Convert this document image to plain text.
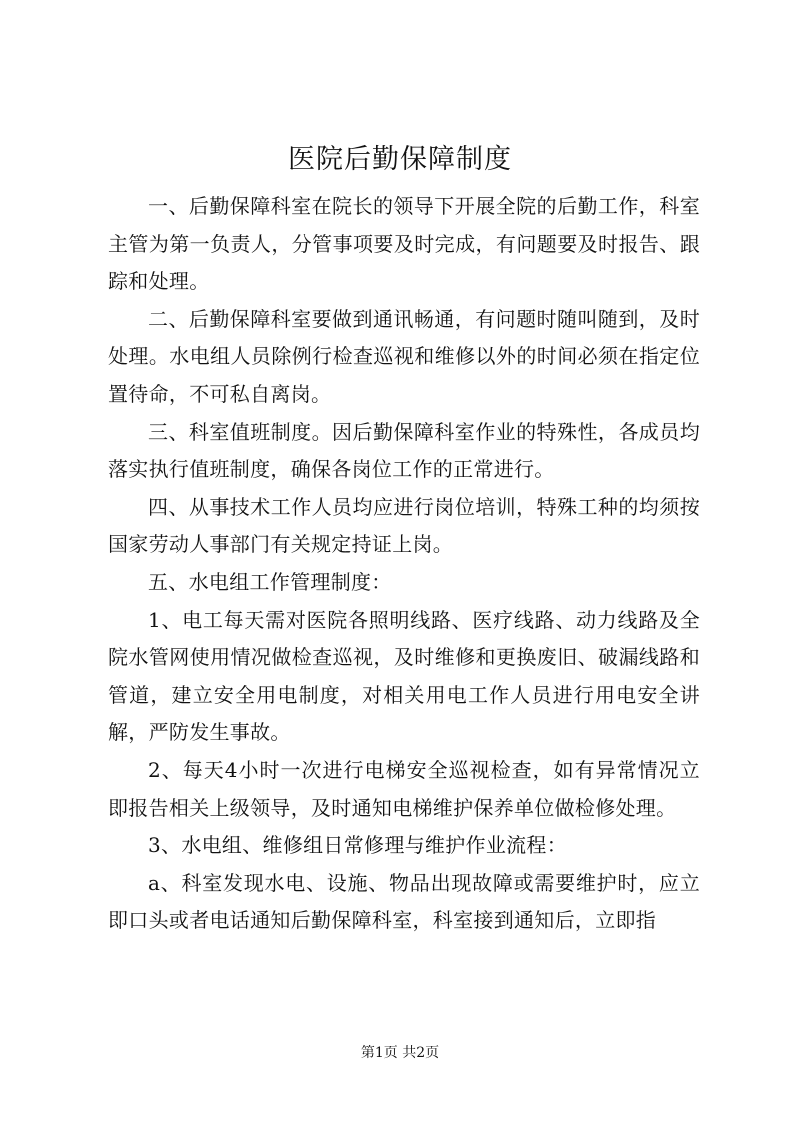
医院后勤保障制度

一、后勤保障科室在院长的领导下开展全院的后勤工作，科室主管为第一负责人，分管事项要及时完成，有问题要及时报告、跟踪和处理。

二、后勤保障科室要做到通讯畅通，有问题时随叫随到，及时处理。水电组人员除例行检查巡视和维修以外的时间必须在指定位置待命，不可私自离岗。

三、科室值班制度。因后勤保障科室作业的特殊性，各成员均落实执行值班制度，确保各岗位工作的正常进行。

四、从事技术工作人员均应进行岗位培训，特殊工种的均须按国家劳动人事部门有关规定持证上岗。

五、水电组工作管理制度：

1、电工每天需对医院各照明线路、医疗线路、动力线路及全院水管网使用情况做检查巡视，及时维修和更换废旧、破漏线路和管道，建立安全用电制度，对相关用电工作人员进行用电安全讲解，严防发生事故。

2、每天4小时一次进行电梯安全巡视检查，如有异常情况立即报告相关上级领导，及时通知电梯维护保养单位做检修处理。

3、水电组、维修组日常修理与维护作业流程：

a、科室发现水电、设施、物品出现故障或需要维护时，应立即口头或者电话通知后勤保障科室，科室接到通知后，立即指

第1页 共2页
